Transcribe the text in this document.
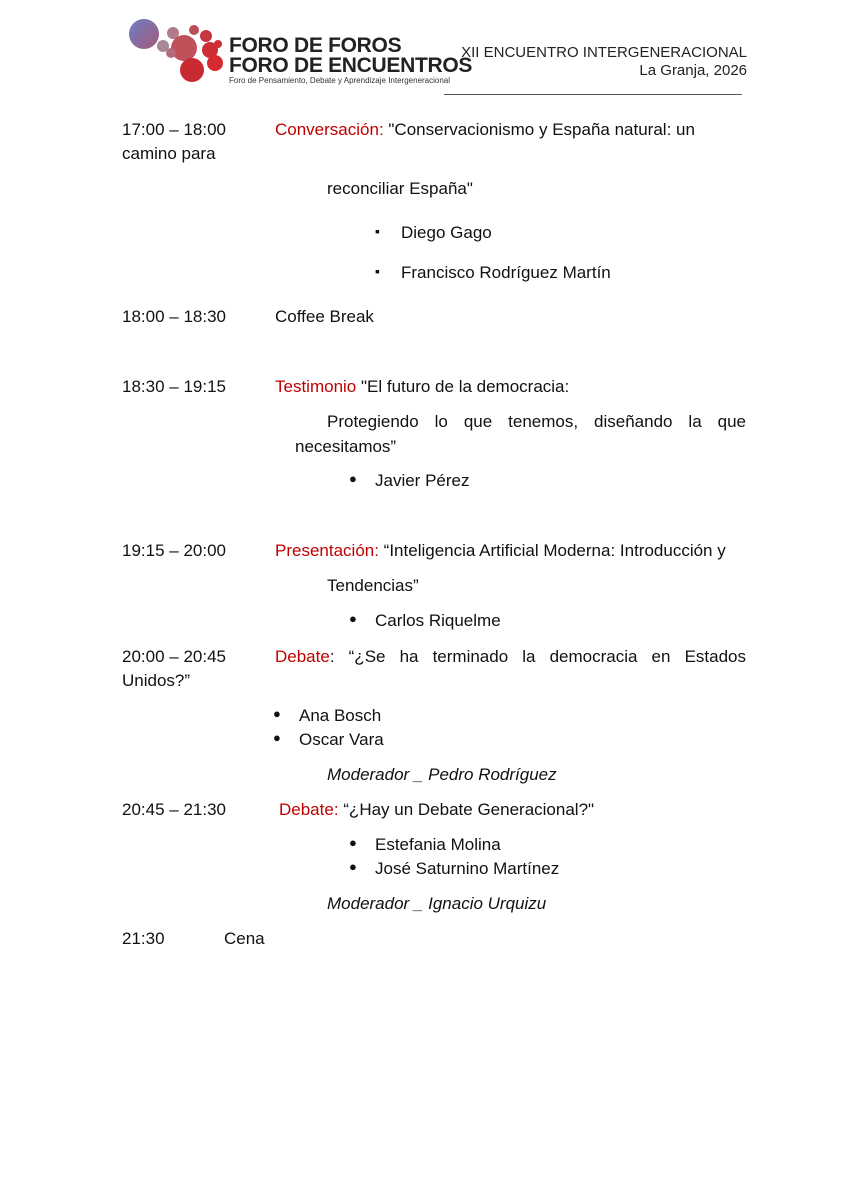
FORO DE FOROS
FORO DE ENCUENTROS
Foro de Pensamiento, Debate y Aprendizaje Intergeneracional
XII ENCUENTRO INTERGENERACIONAL
La Granja, 2026
17:00 – 18:00	Conversación: "Conservacionismo y España natural: un
camino para
reconciliar España"
▪ Diego Gago
▪ Francisco Rodríguez Martín
18:00 – 18:30	Coffee Break
18:30 – 19:15	Testimonio "El futuro de la democracia:
Protegiendo lo que tenemos, diseñando la que
necesitamos”
● Javier Pérez
19:15 – 20:00	Presentación: “Inteligencia Artificial Moderna: Introducción y
Tendencias”
● Carlos Riquelme
20:00 – 20:45	Debate: “¿Se ha terminado la democracia en Estados
Unidos?”
● Ana Bosch
● Oscar Vara
Moderador _ Pedro Rodríguez
20:45 – 21:30	Debate: “¿Hay un Debate Generacional?"
● Estefania Molina
● José Saturnino Martínez
Moderador _ Ignacio Urquizu
21:30	Cena
